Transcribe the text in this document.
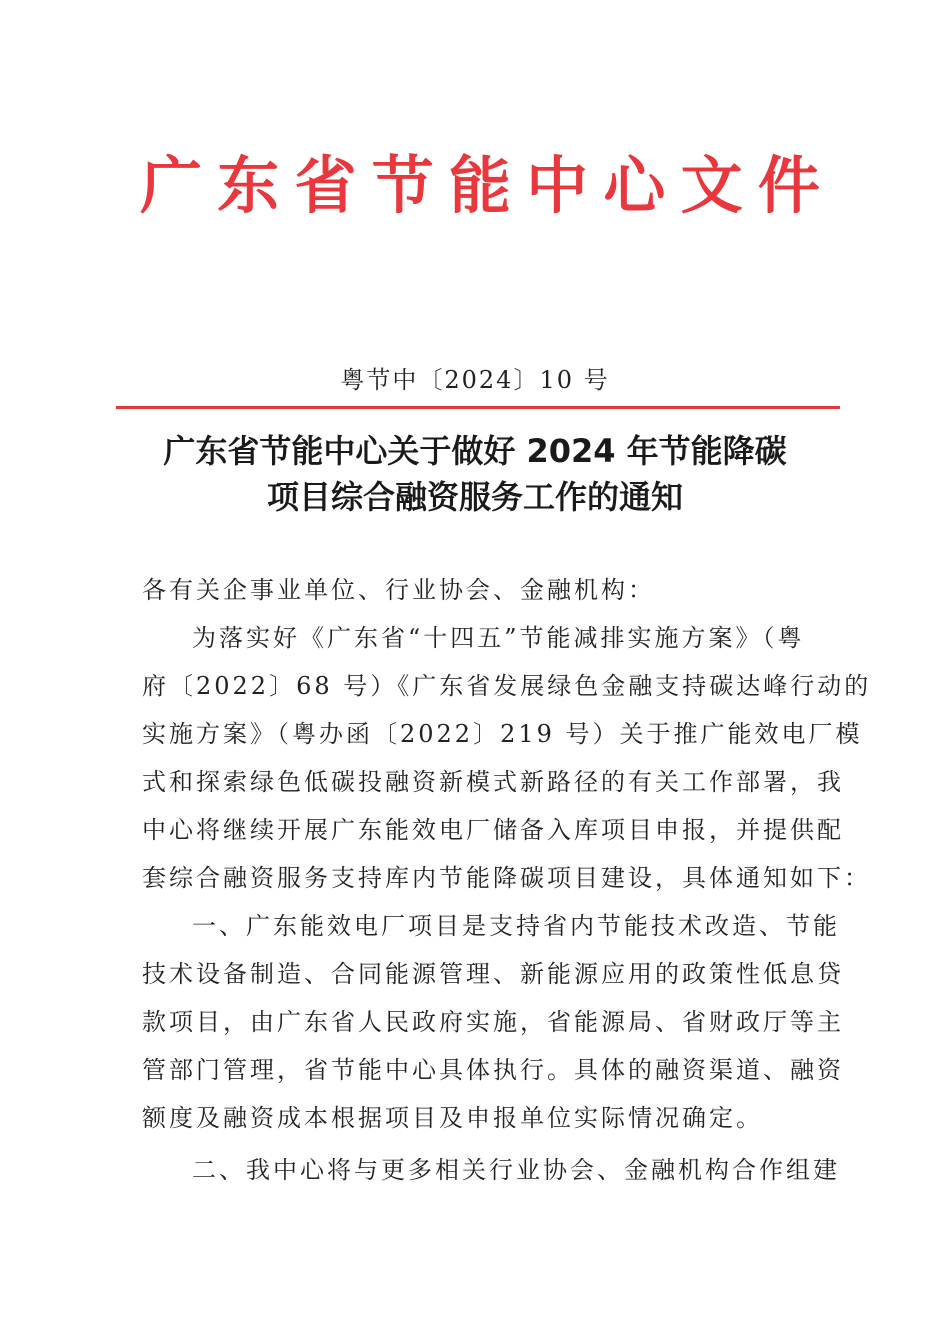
广 东 省 节 能 中 心 文 件
粤节中〔2024〕10 号
广东省节能中心关于做好 2024 年节能降碳
项目综合融资服务工作的通知
各有关企事业单位、行业协会、金融机构：
为落实好《广东省“十四五”节能减排实施方案》（粤
府〔2022〕68 号）《广东省发展绿色金融支持碳达峰行动的
实施方案》（粤办函〔2022〕219 号）关于推广能效电厂模
式和探索绿色低碳投融资新模式新路径的有关工作部署，我
中心将继续开展广东能效电厂储备入库项目申报，并提供配
套综合融资服务支持库内节能降碳项目建设，具体通知如下：
一、广东能效电厂项目是支持省内节能技术改造、节能
技术设备制造、合同能源管理、新能源应用的政策性低息贷
款项目，由广东省人民政府实施，省能源局、省财政厅等主
管部门管理，省节能中心具体执行。具体的融资渠道、融资
额度及融资成本根据项目及申报单位实际情况确定。
二、我中心将与更多相关行业协会、金融机构合作组建
